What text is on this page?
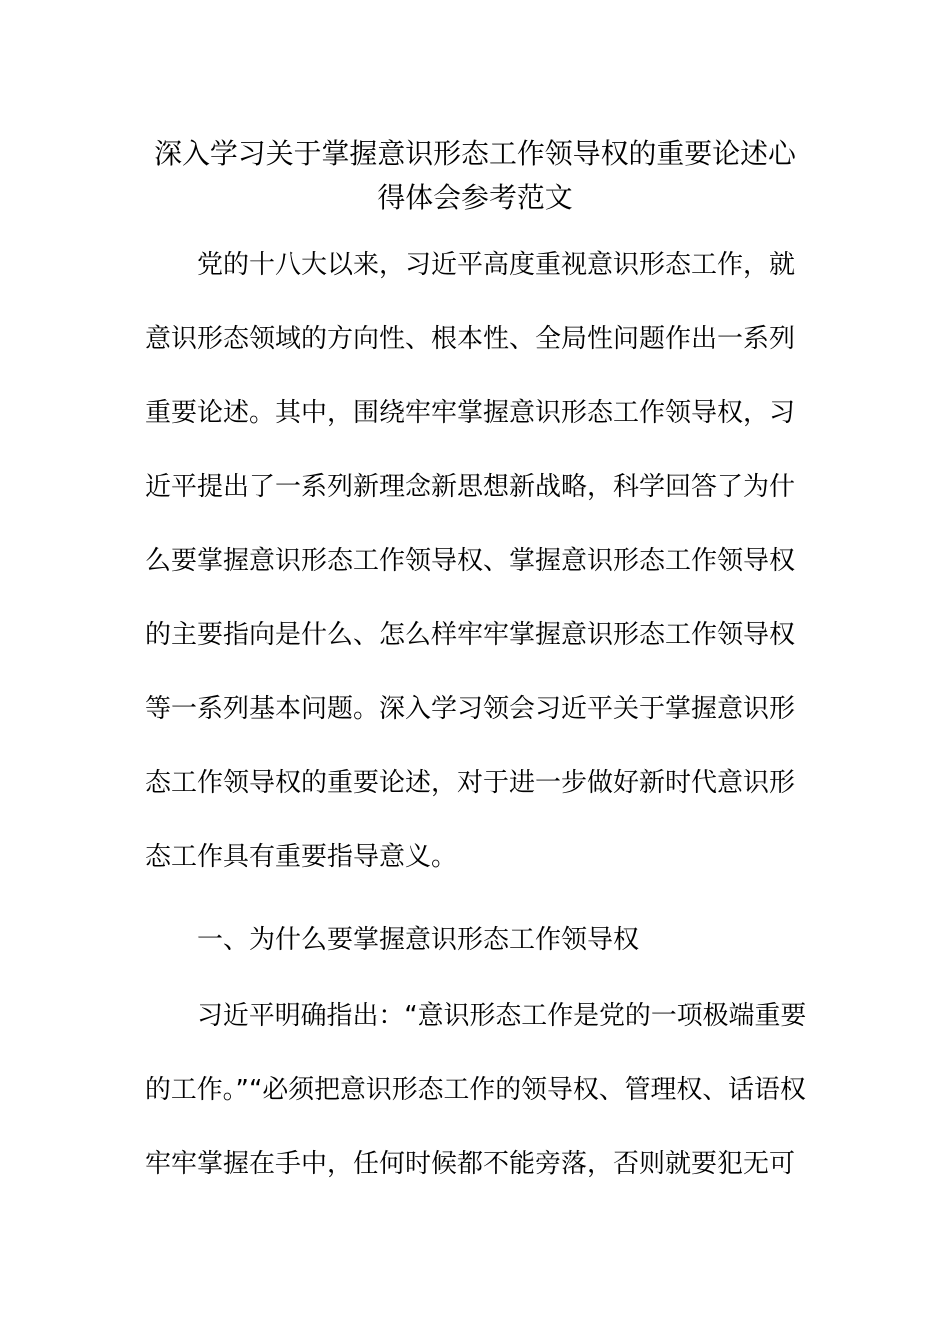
深入学习关于掌握意识形态工作领导权的重要论述心
得体会参考范文
党的十八大以来，习近平高度重视意识形态工作，就
意识形态领域的方向性、根本性、全局性问题作出一系列
重要论述。其中，围绕牢牢掌握意识形态工作领导权，习
近平提出了一系列新理念新思想新战略，科学回答了为什
么要掌握意识形态工作领导权、掌握意识形态工作领导权
的主要指向是什么、怎么样牢牢掌握意识形态工作领导权
等一系列基本问题。深入学习领会习近平关于掌握意识形
态工作领导权的重要论述，对于进一步做好新时代意识形
态工作具有重要指导意义。
一、为什么要掌握意识形态工作领导权
习近平明确指出：“意识形态工作是党的一项极端重要
的工作。”“必须把意识形态工作的领导权、管理权、话语权
牢牢掌握在手中，任何时候都不能旁落，否则就要犯无可
